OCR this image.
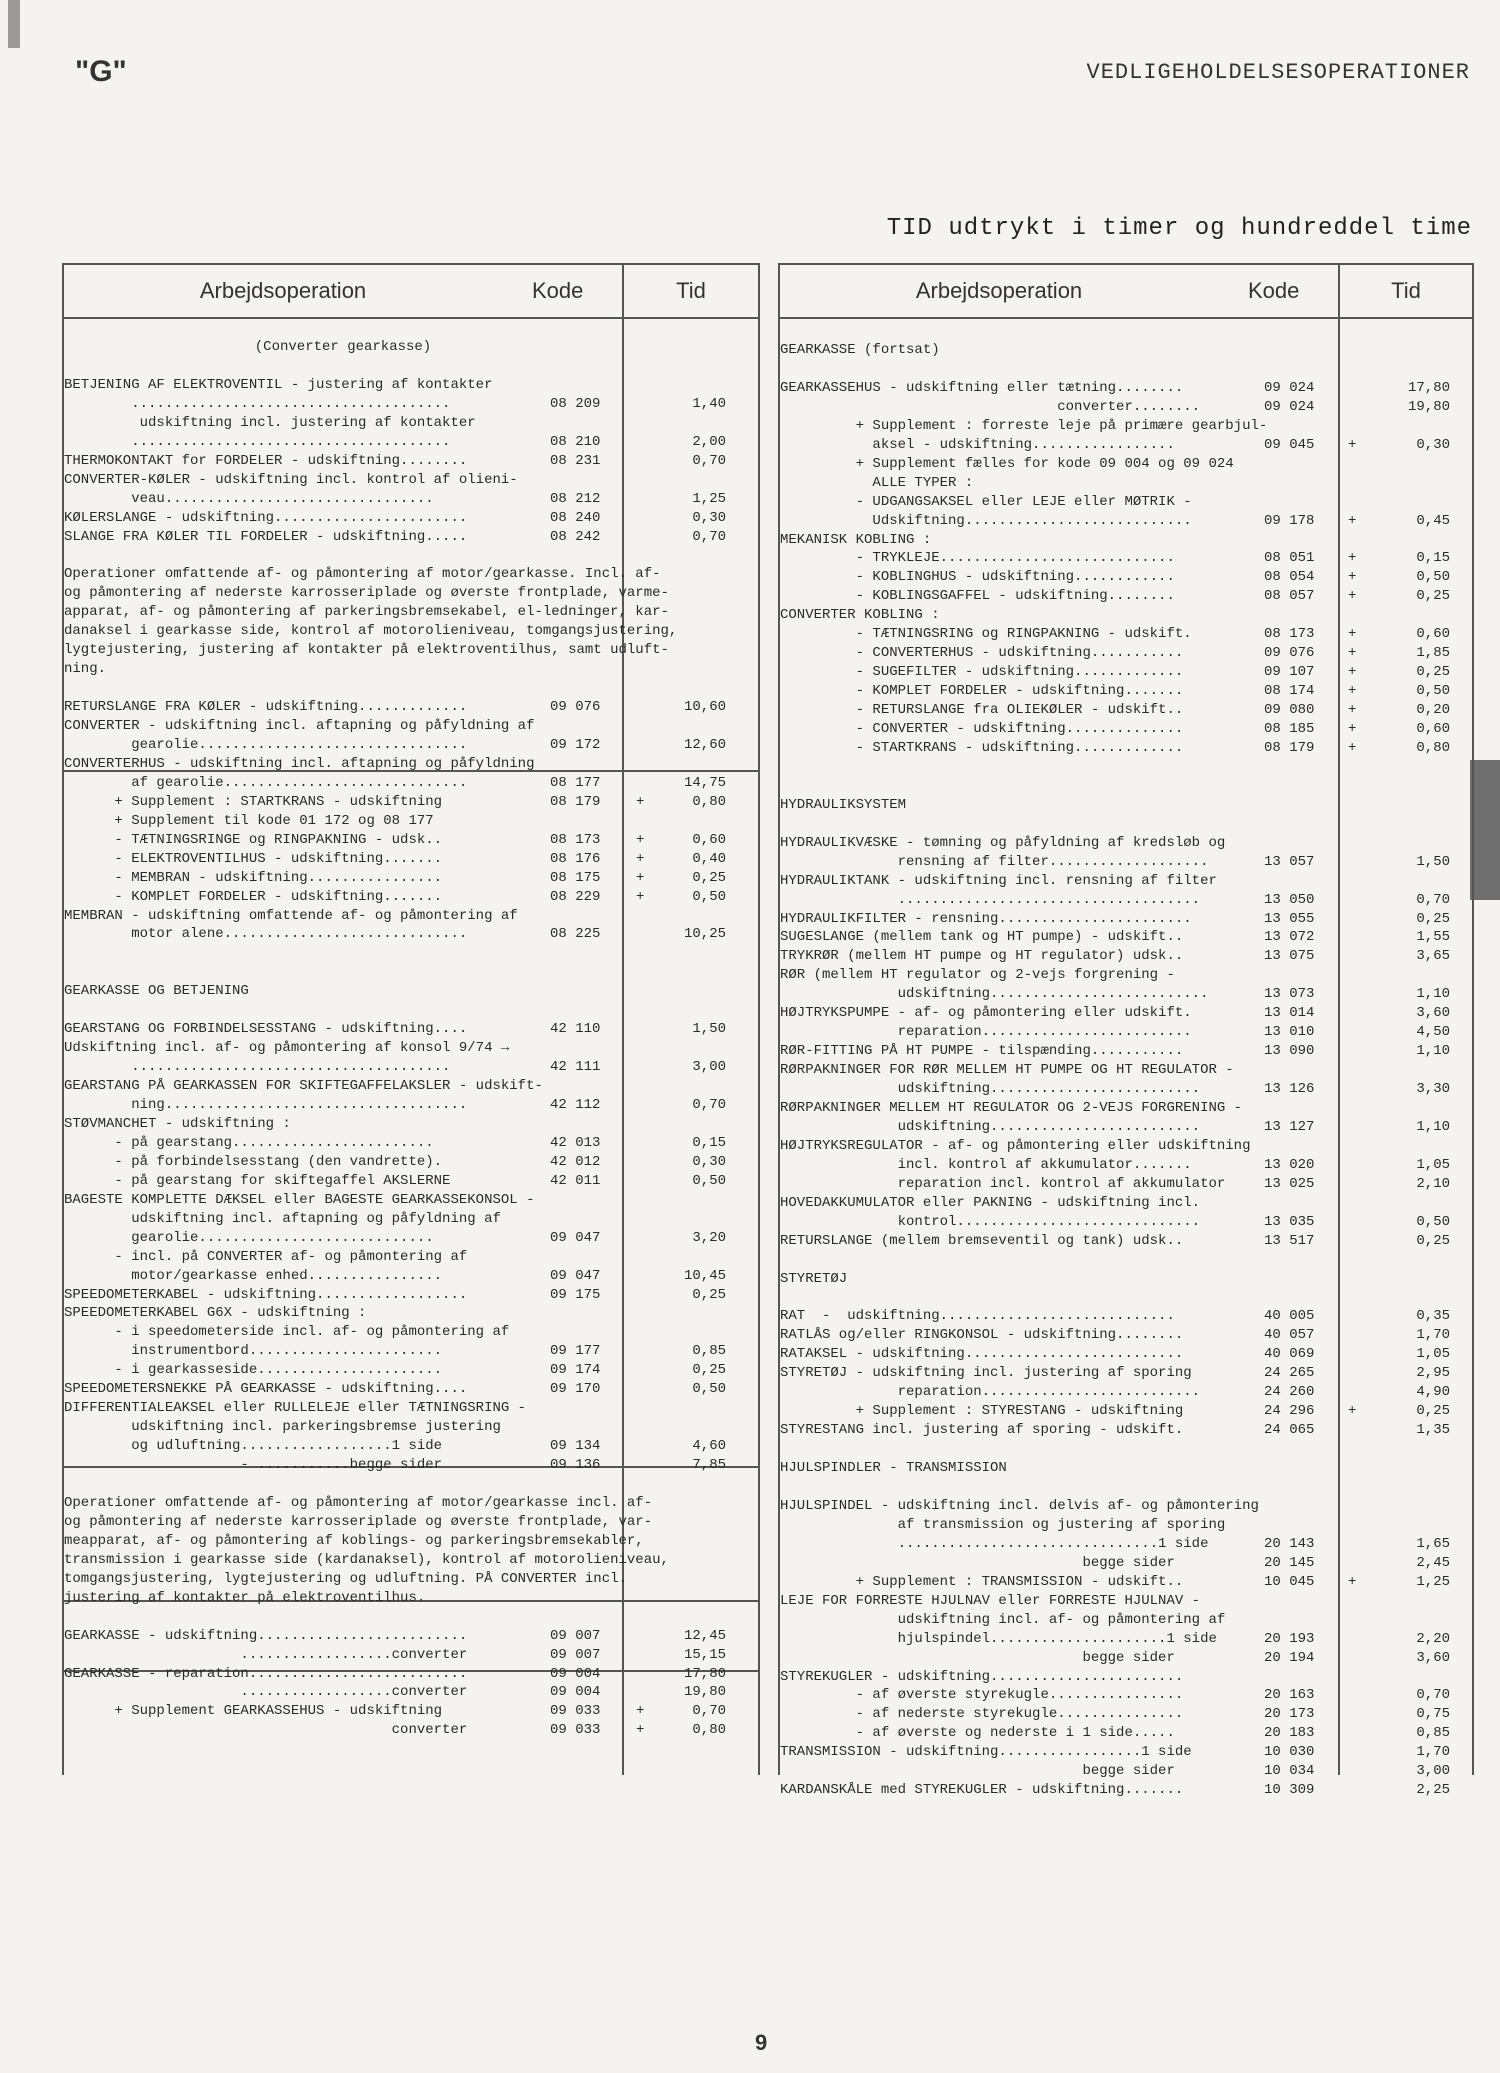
"G"	VEDLIGEHOLDELSESOPERATIONER
TID udtrykt i timer og hundreddel time
Arbejdsoperation	Kode	Tid
(Converter gearkasse)
BETJENING AF ELEKTROVENTIL - justering af kontakter
......................................	08 209	1,40
udskiftning incl. justering af kontakter
......................................	08 210	2,00
THERMOKONTAKT for FORDELER - udskiftning........	08 231	0,70
CONVERTER-KØLER - udskiftning incl. kontrol af olieni-
veau................................	08 212	1,25
KØLERSLANGE - udskiftning.......................	08 240	0,30
SLANGE FRA KØLER TIL FORDELER - udskiftning.....	08 242	0,70
Operationer omfattende af- og påmontering af motor/gearkasse. Incl. af-
og påmontering af nederste karrosseriplade og øverste frontplade, varme-
apparat, af- og påmontering af parkeringsbremsekabel, el-ledninger, kar-
danaksel i gearkasse side, kontrol af motorolieniveau, tomgangsjustering,
lygtejustering, justering af kontakter på elektroventilhus, samt udluft-
ning.
RETURSLANGE FRA KØLER - udskiftning.............	09 076	10,60
CONVERTER - udskiftning incl. aftapning og påfyldning af
gearolie................................	09 172	12,60
CONVERTERHUS - udskiftning incl. aftapning og påfyldning
af gearolie.............................	08 177	14,75
+ Supplement : STARTKRANS - udskiftning	08 179	+	0,80
+ Supplement til kode 01 172 og 08 177
- TÆTNINGSRINGE og RINGPAKNING - udsk..	08 173	+	0,60
- ELEKTROVENTILHUS - udskiftning.......	08 176	+	0,40
- MEMBRAN - udskiftning................	08 175	+	0,25
- KOMPLET FORDELER - udskiftning.......	08 229	+	0,50
MEMBRAN - udskiftning omfattende af- og påmontering af
motor alene.............................	08 225	10,25
GEARKASSE OG BETJENING
GEARSTANG OG FORBINDELSESSTANG - udskiftning....	42 110	1,50
Udskiftning incl. af- og påmontering af konsol 9/74 →
......................................	42 111	3,00
GEARSTANG PÅ GEARKASSEN FOR SKIFTEGAFFELAKSLER - udskift-
ning....................................	42 112	0,70
STØVMANCHET - udskiftning :
- på gearstang........................	42 013	0,15
- på forbindelsesstang (den vandrette).	42 012	0,30
- på gearstang for skiftegaffel AKSLERNE	42 011	0,50
BAGESTE KOMPLETTE DÆKSEL eller BAGESTE GEARKASSEKONSOL -
udskiftning incl. aftapning og påfyldning af
gearolie............................	09 047	3,20
- incl. på CONVERTER af- og påmontering af
motor/gearkasse enhed................	09 047	10,45
SPEEDOMETERKABEL - udskiftning..................	09 175	0,25
SPEEDOMETERKABEL G6X - udskiftning :
- i speedometerside incl. af- og påmontering af
instrumentbord.......................	09 177	0,85
- i gearkasseside......................	09 174	0,25
SPEEDOMETERSNEKKE PÅ GEARKASSE - udskiftning....	09 170	0,50
DIFFERENTIALEAKSEL eller RULLELEJE eller TÆTNINGSRING -
udskiftning incl. parkeringsbremse justering
og udluftning..................1 side	09 134	4,60
- ...........begge sider	09 136	7,85
Operationer omfattende af- og påmontering af motor/gearkasse incl. af-
og påmontering af nederste karrosseriplade og øverste frontplade, var-
meapparat, af- og påmontering af koblings- og parkeringsbremsekabler,
transmission i gearkasse side (kardanaksel), kontrol af motorolieniveau,
tomgangsjustering, lygtejustering og udluftning. PÅ CONVERTER incl.
justering af kontakter på elektroventilhus.
GEARKASSE - udskiftning.........................	09 007	12,45
..................converter	09 007	15,15
GEARKASSE - reparation..........................	09 004	17,80
..................converter	09 004	19,80
+ Supplement GEARKASSEHUS - udskiftning	09 033	+	0,70
converter	09 033	+	0,80
Arbejdsoperation	Kode	Tid
GEARKASSE (fortsat)
GEARKASSEHUS - udskiftning eller tætning........	09 024	17,80
converter........	09 024	19,80
+ Supplement : forreste leje på primære gearbjul-
aksel - udskiftning.................	09 045 +	0,30
+ Supplement fælles for kode 09 004 og 09 024
ALLE TYPER :
- UDGANGSAKSEL eller LEJE eller MØTRIK -
Udskiftning...........................	09 178 +	0,45
MEKANISK KOBLING :
- TRYKLEJE............................	08 051 +	0,15
- KOBLINGHUS - udskiftning............	08 054 +	0,50
- KOBLINGSGAFFEL - udskiftning........	08 057 +	0,25
CONVERTER KOBLING :
- TÆTNINGSRING og RINGPAKNING - udskift.	08 173 +	0,60
- CONVERTERHUS - udskiftning...........	09 076 +	1,85
- SUGEFILTER - udskiftning.............	09 107 +	0,25
- KOMPLET FORDELER - udskiftning.......	08 174 +	0,50
- RETURSLANGE fra OLIEKØLER - udskift..	09 080 +	0,20
- CONVERTER - udskiftning..............	08 185 +	0,60
- STARTKRANS - udskiftning.............	08 179 +	0,80
HYDRAULIKSYSTEM
HYDRAULIKVÆSKE - tømning og påfyldning af kredsløb og
rensning af filter...................	13 057	1,50
HYDRAULIKTANK - udskiftning incl. rensning af filter
....................................	13 050	0,70
HYDRAULIKFILTER - rensning.......................	13 055	0,25
SUGESLANGE (mellem tank og HT pumpe) - udskift..	13 072	1,55
TRYKRØR (mellem HT pumpe og HT regulator) udsk..	13 075	3,65
RØR (mellem HT regulator og 2-vejs forgrening -
udskiftning..........................	13 073	1,10
HØJTRYKSPUMPE - af- og påmontering eller udskift.	13 014	3,60
reparation.........................	13 010	4,50
RØR-FITTING PÅ HT PUMPE - tilspænding...........	13 090	1,10
RØRPAKNINGER FOR RØR MELLEM HT PUMPE OG HT REGULATOR -
udskiftning.........................	13 126	3,30
RØRPAKNINGER MELLEM HT REGULATOR OG 2-VEJS FORGRENING -
udskiftning.........................	13 127	1,10
HØJTRYKSREGULATOR - af- og påmontering eller udskiftning
incl. kontrol af akkumulator.......	13 020	1,05
reparation incl. kontrol af akkumulator	13 025	2,10
HOVEDAKKUMULATOR eller PAKNING - udskiftning incl.
kontrol.............................	13 035	0,50
RETURSLANGE (mellem bremseventil og tank) udsk..	13 517	0,25
STYRETØJ
RAT  -  udskiftning............................	40 005	0,35
RATLÅS og/eller RINGKONSOL - udskiftning........	40 057	1,70
RATAKSEL - udskiftning..........................	40 069	1,05
STYRETØJ - udskiftning incl. justering af sporing	24 265	2,95
reparation..........................	24 260	4,90
+ Supplement : STYRESTANG - udskiftning	24 296 +	0,25
STYRESTANG incl. justering af sporing - udskift.	24 065	1,35
HJULSPINDLER - TRANSMISSION
HJULSPINDEL - udskiftning incl. delvis af- og påmontering
af transmission og justering af sporing
...............................1 side	20 143	1,65
begge sider	20 145	2,45
+ Supplement : TRANSMISSION - udskift..	10 045 +	1,25
LEJE FOR FORRESTE HJULNAV eller FORRESTE HJULNAV -
udskiftning incl. af- og påmontering af
hjulspindel.....................1 side	20 193	2,20
begge sider	20 194	3,60
STYREKUGLER - udskiftning.......................
- af øverste styrekugle................	20 163	0,70
- af nederste styrekugle...............	20 173	0,75
- af øverste og nederste i 1 side.....	20 183	0,85
TRANSMISSION - udskiftning.................1 side	10 030	1,70
begge sider	10 034	3,00
KARDANSKÅLE med STYREKUGLER - udskiftning.......	10 309	2,25
9
